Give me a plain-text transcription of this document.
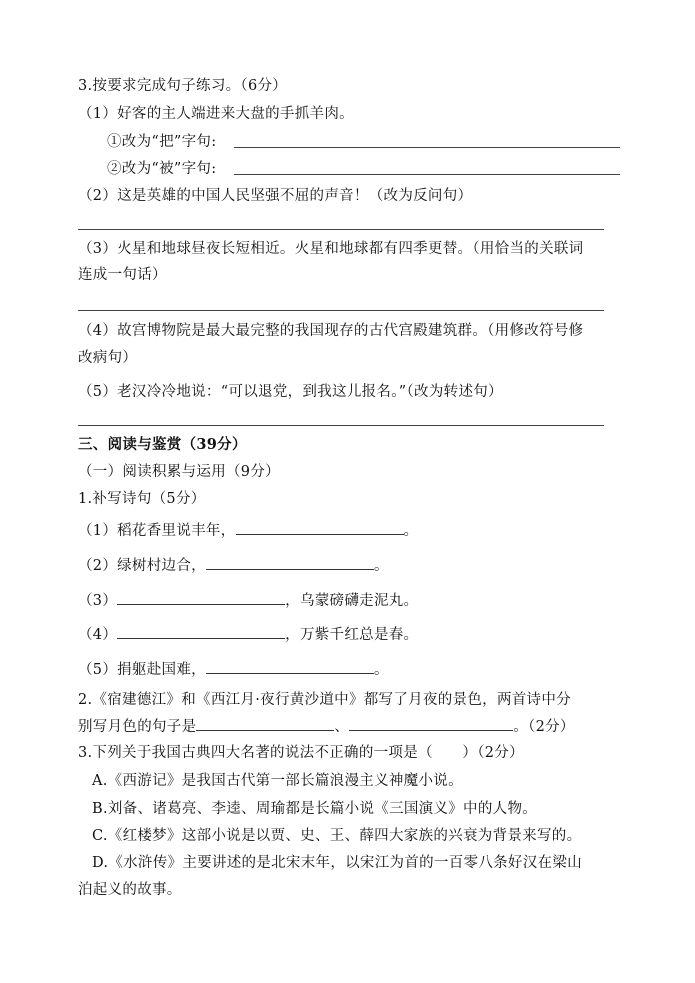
3.按要求完成句子练习。（6分）
（1）好客的主人端进来大盘的手抓羊肉。
①改为“把”字句:
②改为“被”字句:
（2）这是英雄的中国人民坚强不屈的声音！（改为反问句）
（3）火星和地球昼夜长短相近。火星和地球都有四季更替。（用恰当的关联词
连成一句话）
（4）故宫博物院是最大最完整的我国现存的古代宫殿建筑群。（用修改符号修
改病句）
（5）老汉冷冷地说：“可以退党，到我这儿报名。”（改为转述句）
三、阅读与鉴赏（39分）
（一）阅读积累与运用（9分）
1.补写诗句（5分）
（1）稻花香里说丰年，	。
（2）绿树村边合，	。
（3）	，乌蒙磅礴走泥丸。
（4）	，万紫千红总是春。
（5）捐躯赴国难，	。
2.《宿建德江》和《西江月·夜行黄沙道中》都写了月夜的景色，两首诗中分
别写月色的句子是	、	。（2分）
3.下列关于我国古典四大名著的说法不正确的一项是（　　）（2分）
A.《西游记》是我国古代第一部长篇浪漫主义神魔小说。
B.刘备、诸葛亮、李逵、周瑜都是长篇小说《三国演义》中的人物。
C.《红楼梦》这部小说是以贾、史、王、薛四大家族的兴衰为背景来写的。
D.《水浒传》主要讲述的是北宋末年，以宋江为首的一百零八条好汉在梁山
泊起义的故事。
